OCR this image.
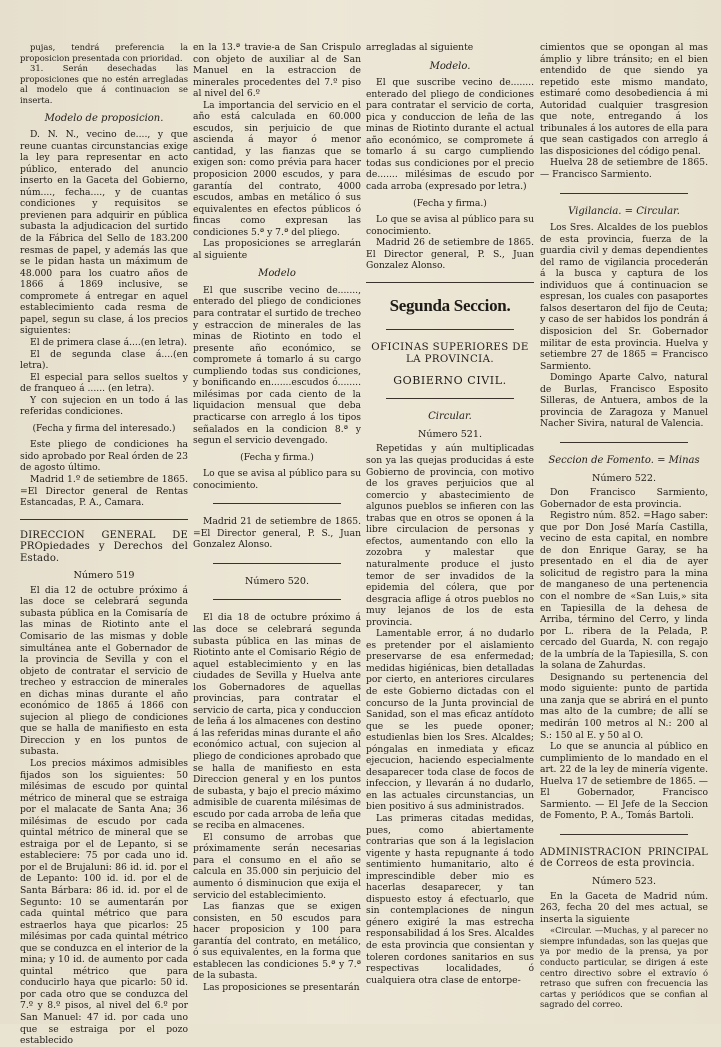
pujas, tendrá preferencia la proposicion presentada con prioridad.

31. Serán desechadas las proposiciones que no estén arregladas al modelo que á continuacion se inserta.

Modelo de proposicion.

D. N. N., vecino de...., y que reune cuantas circunstancias exige la ley para representar en acto público, enterado del anuncio inserto en la Gaceta del Gobierno, núm...., fecha...., y de cuantas condiciones y requisitos se previenen para adquirir en pública subasta la adjudicacion del surtido de la Fábrica del Sello de 183.200 resmas de papel, y además las que se le pidan hasta un máximum de 48.000 para los cuatro años de 1866 á 1869 inclusive, se compromete á entregar en aquel establecimiento cada resma de papel, segun su clase, á los precios siguientes:

El de primera clase á....(en letra).

El de segunda clase á....(en letra).

El especial para sellos sueltos y de franqueo á ...... (en letra).

Y con sujecion en un todo á las referidas condiciones.

(Fecha y firma del interesado.)

Este pliego de condiciones ha sido aprobado por Real órden de 23 de agosto último.

Madrid 1.º de setiembre de 1865. =El Director general de Rentas Estancadas, P. A., Camara.

DIRECCION GENERAL DE PROpiedades y Derechos del Estado.

Número 519

El dia 12 de octubre próximo á las doce se celebrará segunda subasta pública en la Comisaría de las minas de Riotinto ante el Comisario de las mismas y doble simultánea ante el Gobernador de la provincia de Sevilla y con el objeto de contratar el servicio de trecheo y estraccion de minerales en dichas minas durante el año económico de 1865 á 1866 con sujecion al pliego de condiciones que se halla de manifiesto en esta Direccion y en los puntos de subasta.

Los precios máximos admisibles fijados son los siguientes: 50 milésimas de escudo por quintal métrico de mineral que se estraiga por el malacate de Santa Ana; 36 milésimas de escudo por cada quintal métrico de mineral que se estraiga por el de Lepanto, si se estableciere: 75 por cada uno id. por el de Brujaluni: 86 id. id. por el de Lepanto: 100 id. id. por el de Santa Bárbara: 86 id. id. por el de Segunto: 10 se aumentarán por cada quintal métrico que para estraerlos haya que picarlos: 25 milésimas por cada quintal métrico que se conduzca en el interior de la mina; y 10 id. de aumento por cada quintal métrico que para conducirlo haya que picarlo: 50 id. por cada otro que se conduzca del 7.º y 8.º pisos, al nivel del 6.º por San Manuel: 47 id. por cada uno que se estraiga por el pozo establecido

en la 13.ª travie-a de San Crispulo con objeto de auxiliar al de San Manuel en la estraccion de minerales procedentes del 7.º piso al nivel del 6.º

La importancia del servicio en el año está calculada en 60.000 escudos, sin perjuicio de que ascienda á mayor ó menor cantidad, y las fianzas que se exigen son: como prévia para hacer proposicion 2000 escudos, y para garantía del contrato, 4000 escudos, ambas en metálico ó sus equivalentes en efectos públicos ó fincas como expresan las condiciones 5.ª y 7.ª del pliego.

Las proposiciones se arreglarán al siguiente

Modelo

El que suscribe vecino de......., enterado del pliego de condiciones para contratar el surtido de trecheo y estraccion de minerales de las minas de Riotinto en todo el presente año económico, se compromete á tomarlo á su cargo cumpliendo todas sus condiciones, y bonificando en.......escudos ó........ milésimas por cada ciento de la liquidacion mensual que deba practicarse con arreglo á los tipos señalados en la condicion 8.ª y segun el servicio devengado.

(Fecha y firma.)

Lo que se avisa al público para su conocimiento.

Madrid 21 de setiembre de 1865. =El Director general, P. S., Juan Gonzalez Alonso.

Número 520.

El dia 18 de octubre próximo á las doce se celebrará segunda subasta pública en las minas de Riotinto ante el Comisario Régio de aquel establecimiento y en las ciudades de Sevilla y Huelva ante los Gobernadores de aquellas provincias, para contratar el servicio de carta, pica y conduccion de leña á los almacenes con destino á las referidas minas durante el año económico actual, con sujecion al pliego de condiciones aprobado que se halla de manifiesto en esta Direccion general y en los puntos de subasta, y bajo el precio máximo admisible de cuarenta milésimas de escudo por cada arroba de leña que se reciba en almacenes.

El consumo de arrobas que próximamente serán necesarias para el consumo en el año se calcula en 35.000 sin perjuicio del aumento ó disminucion que exija el servicio del establecimiento.

Las fianzas que se exigen consisten, en 50 escudos para hacer proposicion y 100 para garantía del contrato, en metálico, ó sus equivalentes, en la forma que establecen las condiciones 5.ª y 7.ª de la subasta.

Las proposiciones se presentarán

arregladas al siguiente

Modelo.

El que suscribe vecino de........ enterado del pliego de condiciones para contratar el servicio de corta, pica y conduccion de leña de las minas de Riotinto durante el actual año económico, se compromete á tomarlo á su cargo cumpliendo todas sus condiciones por el precio de....... milésimas de escudo por cada arroba (expresado por letra.)

(Fecha y firma.)

Lo que se avisa al público para su conocimiento.

Madrid 26 de setiembre de 1865. El Director general, P. S., Juan Gonzalez Alonso.

Segunda Seccion.

OFICINAS SUPERIORES DE LA PROVINCIA.

GOBIERNO CIVIL.

Circular.

Número 521.

Repetidas y aún multiplicadas son ya las quejas producidas á este Gobierno de provincia, con motivo de los graves perjuicios que al comercio y abastecimiento de algunos pueblos se infieren con las trabas que en otros se oponen á la libre circulacion de personas y efectos, aumentando con ello la zozobra y malestar que naturalmente produce el justo temor de ser invadidos de la epidemia del cólera, que por desgracia aflige á otros pueblos no muy lejanos de los de esta provincia.

Lamentable error, á no dudarlo es pretender por el aislamiento preservarse de esa enfermedad; medidas higiénicas, bien detalladas por cierto, en anteriores circulares de este Gobierno dictadas con el concurso de la Junta provincial de Sanidad, son el mas eficaz antídoto que se les puede oponer; estudienlas bien los Sres. Alcaldes; póngalas en inmediata y eficaz ejecucion, haciendo especialmente desaparecer toda clase de focos de infeccion, y llevarán á no dudarlo, en las actuales circunstancias, un bien positivo á sus administrados.

Las primeras citadas medidas, pues, como abiertamente contrarias que son á la legislacion vigente y hasta repugnante á todo sentimiento humanitario, alto é imprescindible deber mio es hacerlas desaparecer, y tan dispuesto estoy á efectuarlo, que sin contemplaciones de ningun género exigiré la mas estrecha responsabilidad á los Sres. Alcaldes de esta provincia que consientan y toleren cordones sanitarios en sus respectivas localidades, ó cualquiera otra clase de entorpe-

cimientos que se opongan al mas ámplio y libre tránsito; en el bien entendido de que siendo ya repetido este mismo mandato, estimaré como desobediencia á mi Autoridad cualquier trasgresion que note, entregando á los tribunales á los autores de ella para que sean castigados con arreglo á las disposiciones del código penal.

Huelva 28 de setiembre de 1865. — Francisco Sarmiento.

Vigilancia. = Circular.

Los Sres. Alcaldes de los pueblos de esta provincia, fuerza de la guardia civil y demas dependientes del ramo de vigilancia procederán á la busca y captura de los individuos que á continuacion se espresan, los cuales con pasaportes falsos desertaron del fijo de Ceuta; y caso de ser habidos los pondrán á disposicion del Sr. Gobernador militar de esta provincia. Huelva y setiembre 27 de 1865 = Francisco Sarmiento.

Domingo Aparte Calvo, natural de Burlas, Francisco Esposito Silleras, de Antuera, ambos de la provincia de Zaragoza y Manuel Nacher Sivira, natural de Valencia.

Seccion de Fomento. = Minas

Número 522.

Don Francisco Sarmiento, Gobernador de esta provincia.

Registro núm. 852. =Hago saber: que por Don José María Castilla, vecino de esta capital, en nombre de don Enrique Garay, se ha presentado en el dia de ayer solicitud de registro para la mina de manganeso de una pertenencia con el nombre de «San Luis,» sita en Tapiesilla de la dehesa de Arriba, término del Cerro, y linda por L. ribera de la Pelada, P. cercado del Guarda, N. con regajo de la umbría de la Tapiesilla, S. con la solana de Zahurdas.

Designando su pertenencia del modo siguiente: punto de partida una zanja que se abrirá en el punto mas alto de la cumbre; de allí se medirán 100 metros al N.: 200 al S.: 150 al E. y 50 al O.

Lo que se anuncia al público en cumplimiento de lo mandado en el art. 22 de la ley de minería vigente. Huelva 17 de setiembre de 1865. — El Gobernador, Francisco Sarmiento. — El Jefe de la Seccion de Fomento, P. A., Tomás Bartoli.

ADMINISTRACION PRINCIPAL de Correos de esta provincia.

Número 523.

En la Gaceta de Madrid núm. 263, fecha 20 del mes actual, se inserta la siguiente

«Circular. —Muchas, y al parecer no siempre infundadas, son las quejas que ya por medio de la prensa, ya por conducto particular, se dirigen á este centro directivo sobre el extravío ó retraso que sufren con frecuencia las cartas y periódicos que se confian al sagrado del correo.
